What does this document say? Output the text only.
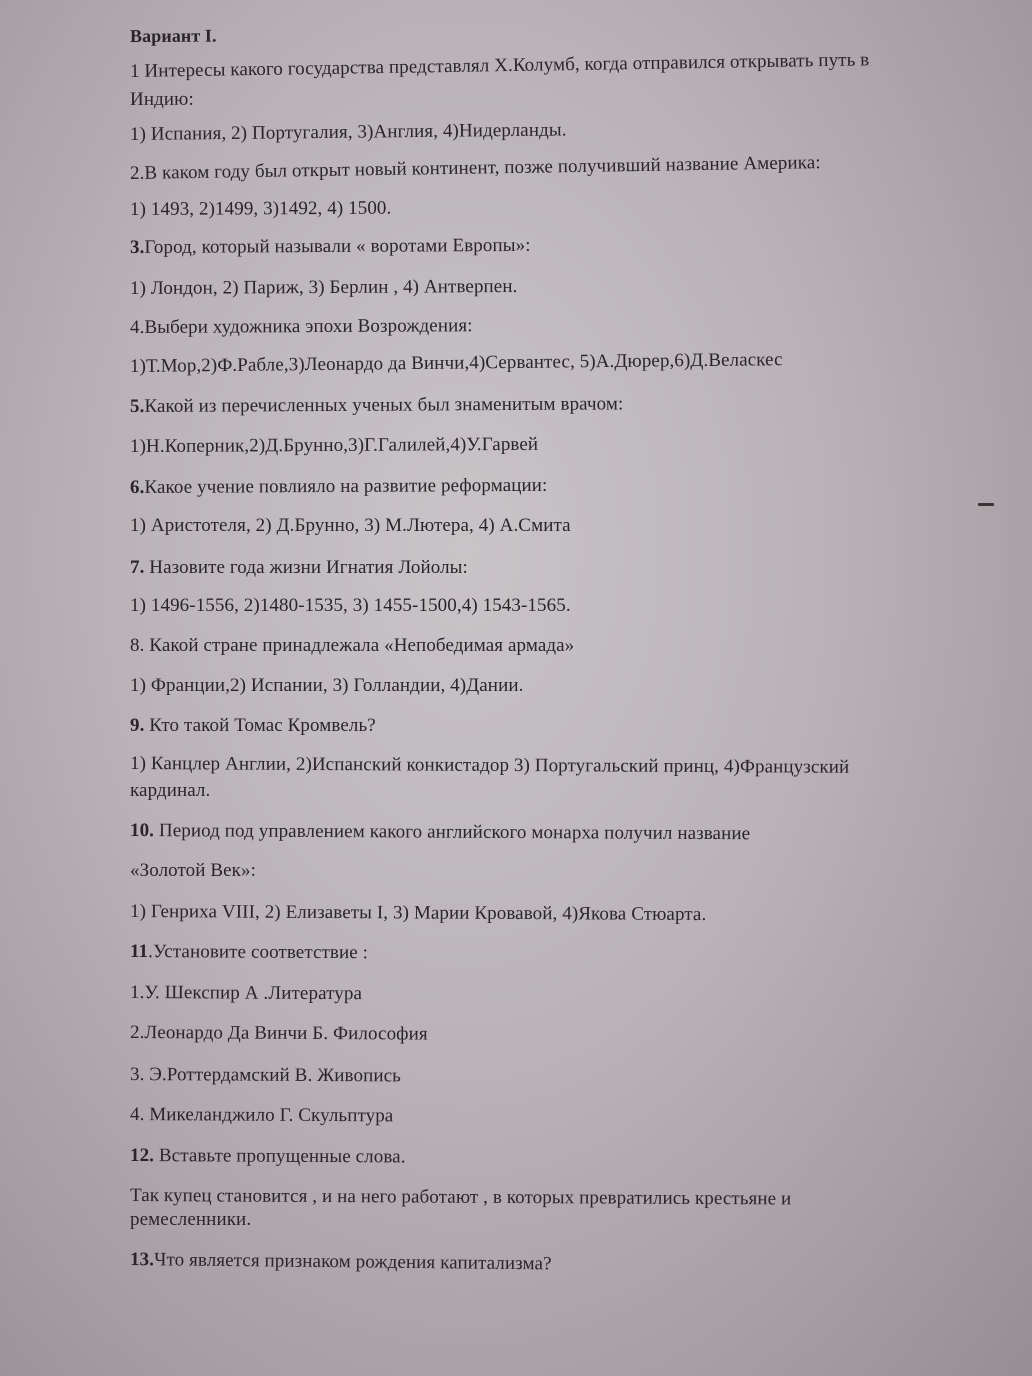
Вариант I.
1 Интересы какого государства представлял Х.Колумб, когда отправился открывать путь в
Индию:
1) Испания, 2) Португалия, 3)Англия, 4)Нидерланды.
2.В каком году был открыт новый континент, позже получивший название Америка:
1) 1493, 2)1499, 3)1492, 4) 1500.
3.Город, который называли « воротами Европы»:
1) Лондон, 2) Париж, 3) Берлин , 4) Антверпен.
4.Выбери художника эпохи Возрождения:
1)Т.Мор,2)Ф.Рабле,3)Леонардо да Винчи,4)Сервантес, 5)А.Дюрер,6)Д.Веласкес
5.Какой из перечисленных ученых был знаменитым врачом:
1)Н.Коперник,2)Д.Брунно,3)Г.Галилей,4)У.Гарвей
6.Какое учение повлияло на развитие реформации:
1) Аристотеля, 2) Д.Брунно, 3) М.Лютера, 4) А.Смита
7. Назовите года жизни Игнатия Лойолы:
1) 1496-1556, 2)1480-1535, 3) 1455-1500,4) 1543-1565.
8. Какой стране принадлежала «Непобедимая армада»
1) Франции,2) Испании, 3) Голландии, 4)Дании.
9. Кто такой Томас Кромвель?
1) Канцлер Англии, 2)Испанский конкистадор 3) Португальский принц, 4)Французский
кардинал.
10. Период под управлением какого английского монарха получил название
«Золотой Век»:
1) Генриха VIII, 2) Елизаветы I, 3) Марии Кровавой, 4)Якова Стюарта.
11.Установите соответствие :
1.У. Шекспир А .Литература
2.Леонардо Да Винчи Б. Философия
3. Э.Роттердамский В. Живопись
4. Микеланджило Г. Скульптура
12. Вставьте пропущенные слова.
Так купец становится , и на него работают , в которых превратились крестьяне и
ремесленники.
13.Что является признаком рождения капитализма?
